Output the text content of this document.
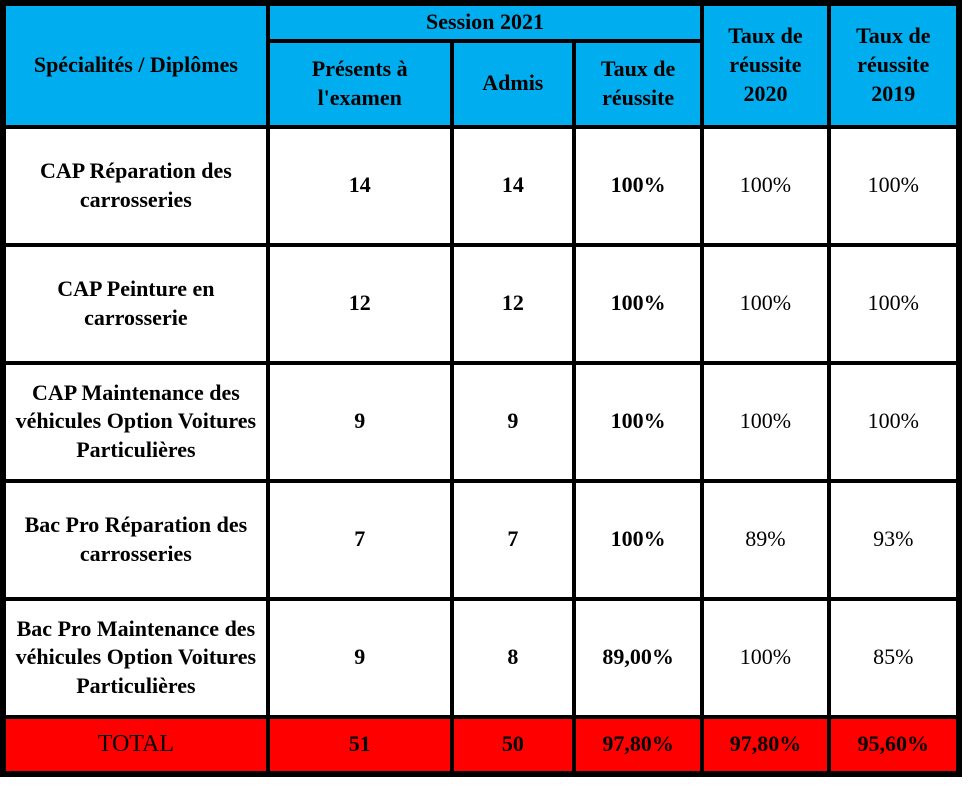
Spécialités / Diplômes	Session 2021			Taux de réussite 2020	Taux de réussite 2019
	Présents à l'examen	Admis	Taux de réussite		
CAP Réparation des carrosseries	14	14	100%	100%	100%
CAP Peinture en carrosserie	12	12	100%	100%	100%
CAP Maintenance des véhicules Option Voitures Particulières	9	9	100%	100%	100%
Bac Pro Réparation des carrosseries	7	7	100%	89%	93%
Bac Pro Maintenance des véhicules Option Voitures Particulières	9	8	89,00%	100%	85%
TOTAL	51	50	97,80%	97,80%	95,60%
